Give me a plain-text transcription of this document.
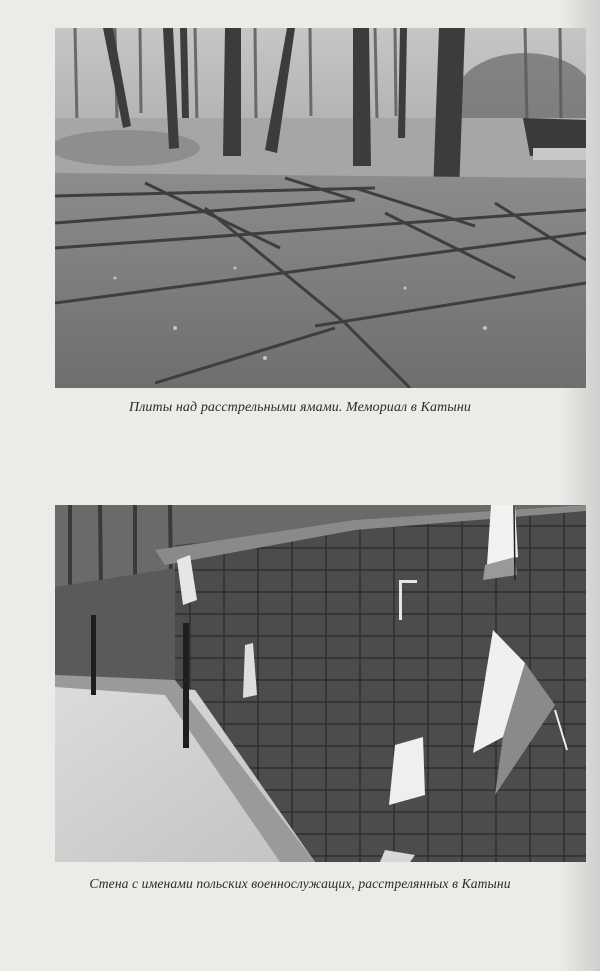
Плиты над расстрельными ямами. Мемориал в Катыни
Стена с именами польских военнослужащих, расстрелянных в Катыни
